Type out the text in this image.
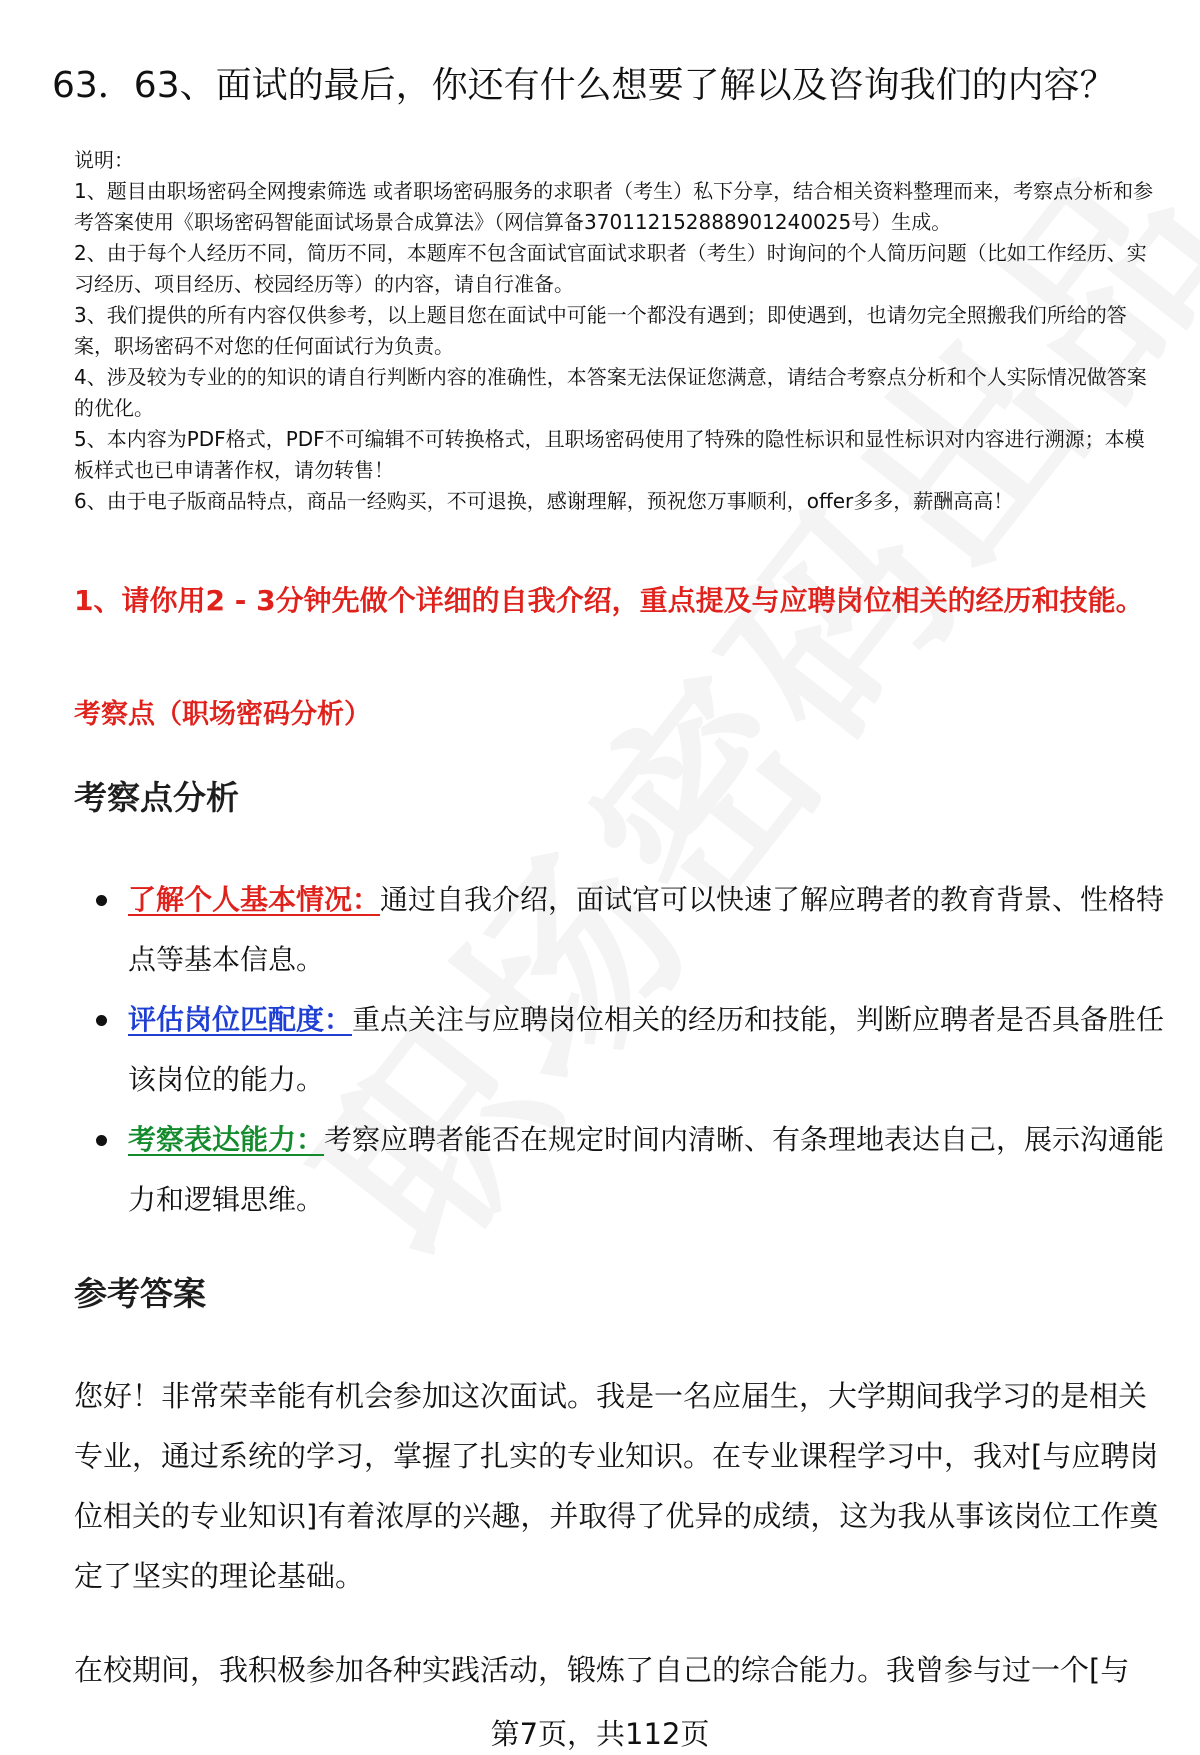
63．63、面试的最后，你还有什么想要了解以及咨询我们的内容？
说明：
1、题目由职场密码全网搜索筛选 或者职场密码服务的求职者（考生）私下分享，结合相关资料整理而来，考察点分析和参考答案使用《职场密码智能面试场景合成算法》（网信算备370112152888901240025号）生成。
2、由于每个人经历不同，简历不同，本题库不包含面试官面试求职者（考生）时询问的个人简历问题（比如工作经历、实习经历、项目经历、校园经历等）的内容，请自行准备。
3、我们提供的所有内容仅供参考，以上题目您在面试中可能一个都没有遇到；即使遇到，也请勿完全照搬我们所给的答案，职场密码不对您的任何面试行为负责。
4、涉及较为专业的的知识的请自行判断内容的准确性，本答案无法保证您满意，请结合考察点分析和个人实际情况做答案的优化。
5、本内容为PDF格式，PDF不可编辑不可转换格式，且职场密码使用了特殊的隐性标识和显性标识对内容进行溯源；本模板样式也已申请著作权，请勿转售！
6、由于电子版商品特点，商品一经购买，不可退换，感谢理解，预祝您万事顺利，offer多多，薪酬高高！
1、请你用2 - 3分钟先做个详细的自我介绍，重点提及与应聘岗位相关的经历和技能。
考察点（职场密码分析）
考察点分析
了解个人基本情况：通过自我介绍，面试官可以快速了解应聘者的教育背景、性格特点等基本信息。
评估岗位匹配度：重点关注与应聘岗位相关的经历和技能，判断应聘者是否具备胜任该岗位的能力。
考察表达能力：考察应聘者能否在规定时间内清晰、有条理地表达自己，展示沟通能力和逻辑思维。
参考答案

您好！非常荣幸能有机会参加这次面试。我是一名应届生，大学期间我学习的是相关专业，通过系统的学习，掌握了扎实的专业知识。在专业课程学习中，我对[与应聘岗位相关的专业知识]有着浓厚的兴趣，并取得了优异的成绩，这为我从事该岗位工作奠定了坚实的理论基础。

在校期间，我积极参加各种实践活动，锻炼了自己的综合能力。我曾参与过一个[与

第7页，共112页
